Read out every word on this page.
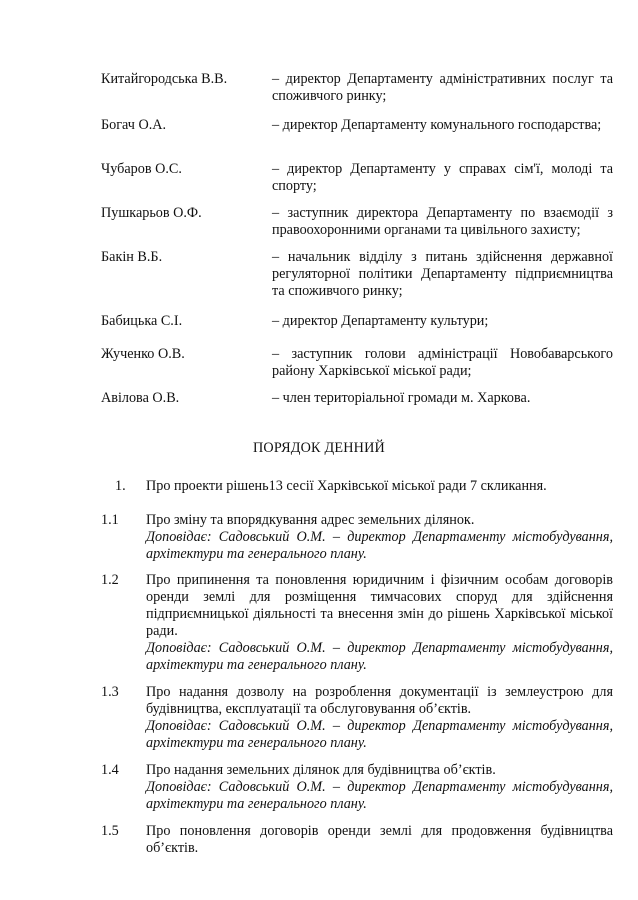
Китайгородська В.В.	– директор Департаменту адміністративних послуг та споживчого ринку;
Богач О.А.	– директор Департаменту комунального господарства;
Чубаров О.С.	– директор Департаменту у справах сім'ї, молоді та спорту;
Пушкарьов О.Ф.	– заступник директора Департаменту по взаємодії з правоохоронними органами та цивільного захисту;
Бакін В.Б.	– начальник відділу з питань здійснення державної регуляторної політики Департаменту підприємництва та споживчого ринку;
Бабицька С.І.	– директор Департаменту культури;
Жученко О.В.	– заступник голови адміністрації Новобаварського району Харківської міської ради;
Авілова О.В.	– член територіальної громади м. Харкова.
ПОРЯДОК ДЕННИЙ
1. Про проекти рішень13 сесії Харківської міської ради 7 скликання.
1.1 Про зміну та впорядкування адрес земельних ділянок.
Доповідає: Садовський О.М. – директор Департаменту містобудування, архітектури та генерального плану.
1.2 Про припинення та поновлення юридичним і фізичним особам договорів оренди землі для розміщення тимчасових споруд для здійснення підприємницької діяльності та внесення змін до рішень Харківської міської ради.
Доповідає: Садовський О.М. – директор Департаменту містобудування, архітектури та генерального плану.
1.3 Про надання дозволу на розроблення документації із землеустрою для будівництва, експлуатації та обслуговування об’єктів.
Доповідає: Садовський О.М. – директор Департаменту містобудування, архітектури та генерального плану.
1.4 Про надання земельних ділянок для будівництва об’єктів.
Доповідає: Садовський О.М. – директор Департаменту містобудування, архітектури та генерального плану.
1.5 Про поновлення договорів оренди землі для продовження будівництва об’єктів.
